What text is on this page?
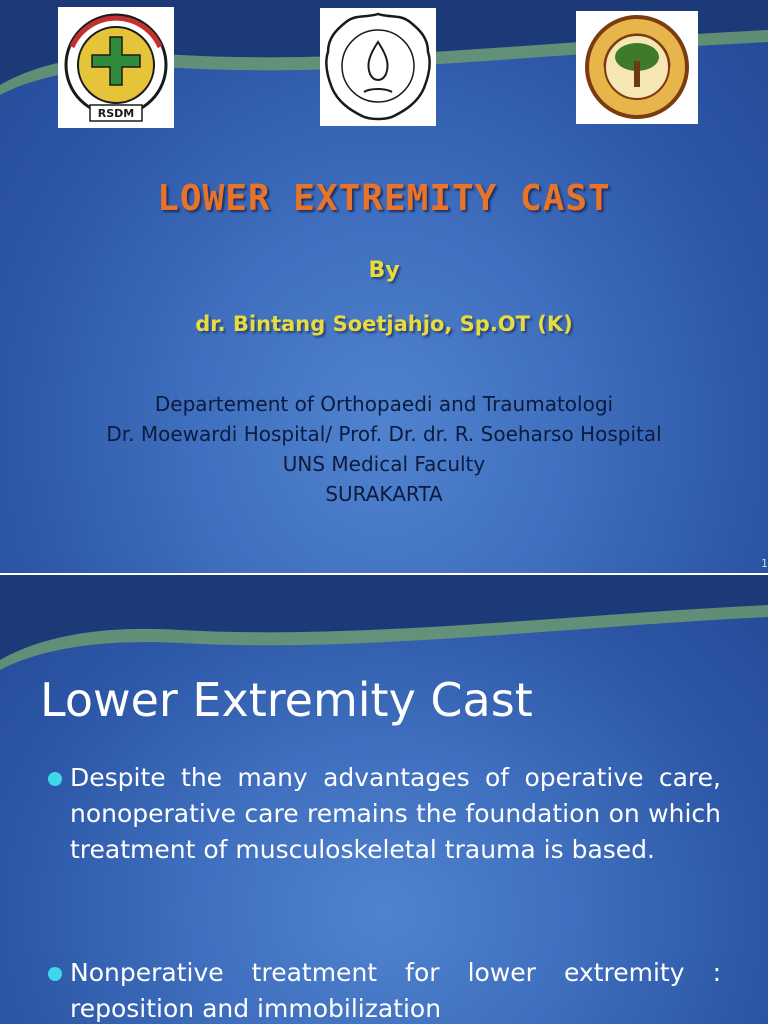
RSDM
LOWER EXTREMITY CAST
By
dr. Bintang Soetjahjo, Sp.OT (K)
Departement of Orthopaedi and Traumatologi
Dr. Moewardi Hospital/ Prof. Dr. dr. R. Soeharso Hospital
UNS Medical Faculty
SURAKARTA
1
Lower Extremity Cast
Despite the many advantages of operative care, nonoperative care remains the foundation on which treatment of musculoskeletal trauma is based.
Nonperative treatment for lower extremity : reposition and immobilization
